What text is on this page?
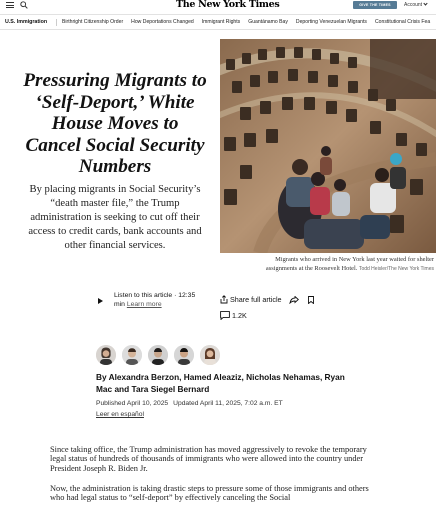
The New York Times	GIVE THE TIMES	Account
U.S. Immigration	Birthright Citizenship Order How Deportations Changed Immigrant Rights Guantánamo Bay Deporting Venezuelan Migrants Constitutional Crisis Fea
Pressuring Migrants to ‘Self-Deport,’ White House Moves to Cancel Social Security Numbers

By placing migrants in Social Security’s “death master file,” the Trump administration is seeking to cut off their access to credit cards, bank accounts and other financial services.

Migrants who arrived in New York last year waited for shelter assignments at the Roosevelt Hotel. Todd Heisler/The New York Times
Listen to this article · 12:35
min Learn more
Share full article
1.2K
By Alexandra Berzon, Hamed Aleaziz, Nicholas Nehamas, Ryan Mac and Tara Siegel Bernard
Published April 10, 2025 Updated April 11, 2025, 7:02 a.m. ET
Leer en español

Since taking office, the Trump administration has moved aggressively to revoke the temporary legal status of hundreds of thousands of immigrants who were allowed into the country under President Joseph R. Biden Jr.

Now, the administration is taking drastic steps to pressure some of those immigrants and others who had legal status to “self-deport” by effectively canceling the Social
